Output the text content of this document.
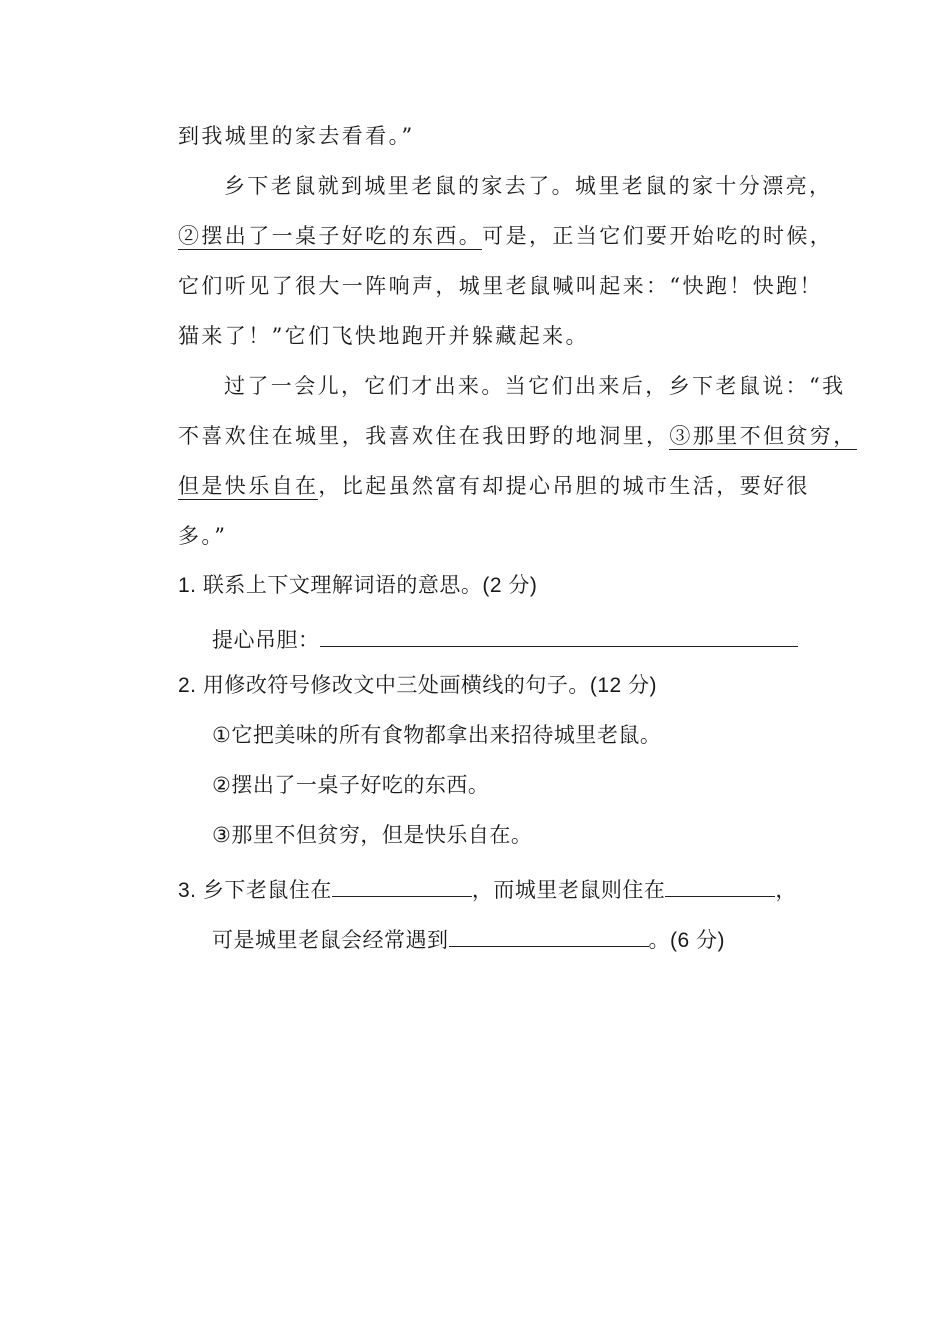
到我城里的家去看看。”
乡下老鼠就到城里老鼠的家去了。城里老鼠的家十分漂亮，
②摆出了一桌子好吃的东西。可是，正当它们要开始吃的时候，
它们听见了很大一阵响声，城里老鼠喊叫起来：“快跑！快跑！
猫来了！”它们飞快地跑开并躲藏起来。
过了一会儿，它们才出来。当它们出来后，乡下老鼠说：“我
不喜欢住在城里，我喜欢住在我田野的地洞里，③那里不但贫穷，
但是快乐自在，比起虽然富有却提心吊胆的城市生活，要好很
多。”
1. 联系上下文理解词语的意思。(2 分)
提心吊胆：
2. 用修改符号修改文中三处画横线的句子。(12 分)
①它把美味的所有食物都拿出来招待城里老鼠。
②摆出了一桌子好吃的东西。
③那里不但贫穷，但是快乐自在。
3. 乡下老鼠住在	，而城里老鼠则住在	，
可是城里老鼠会经常遇到	。(6 分)
